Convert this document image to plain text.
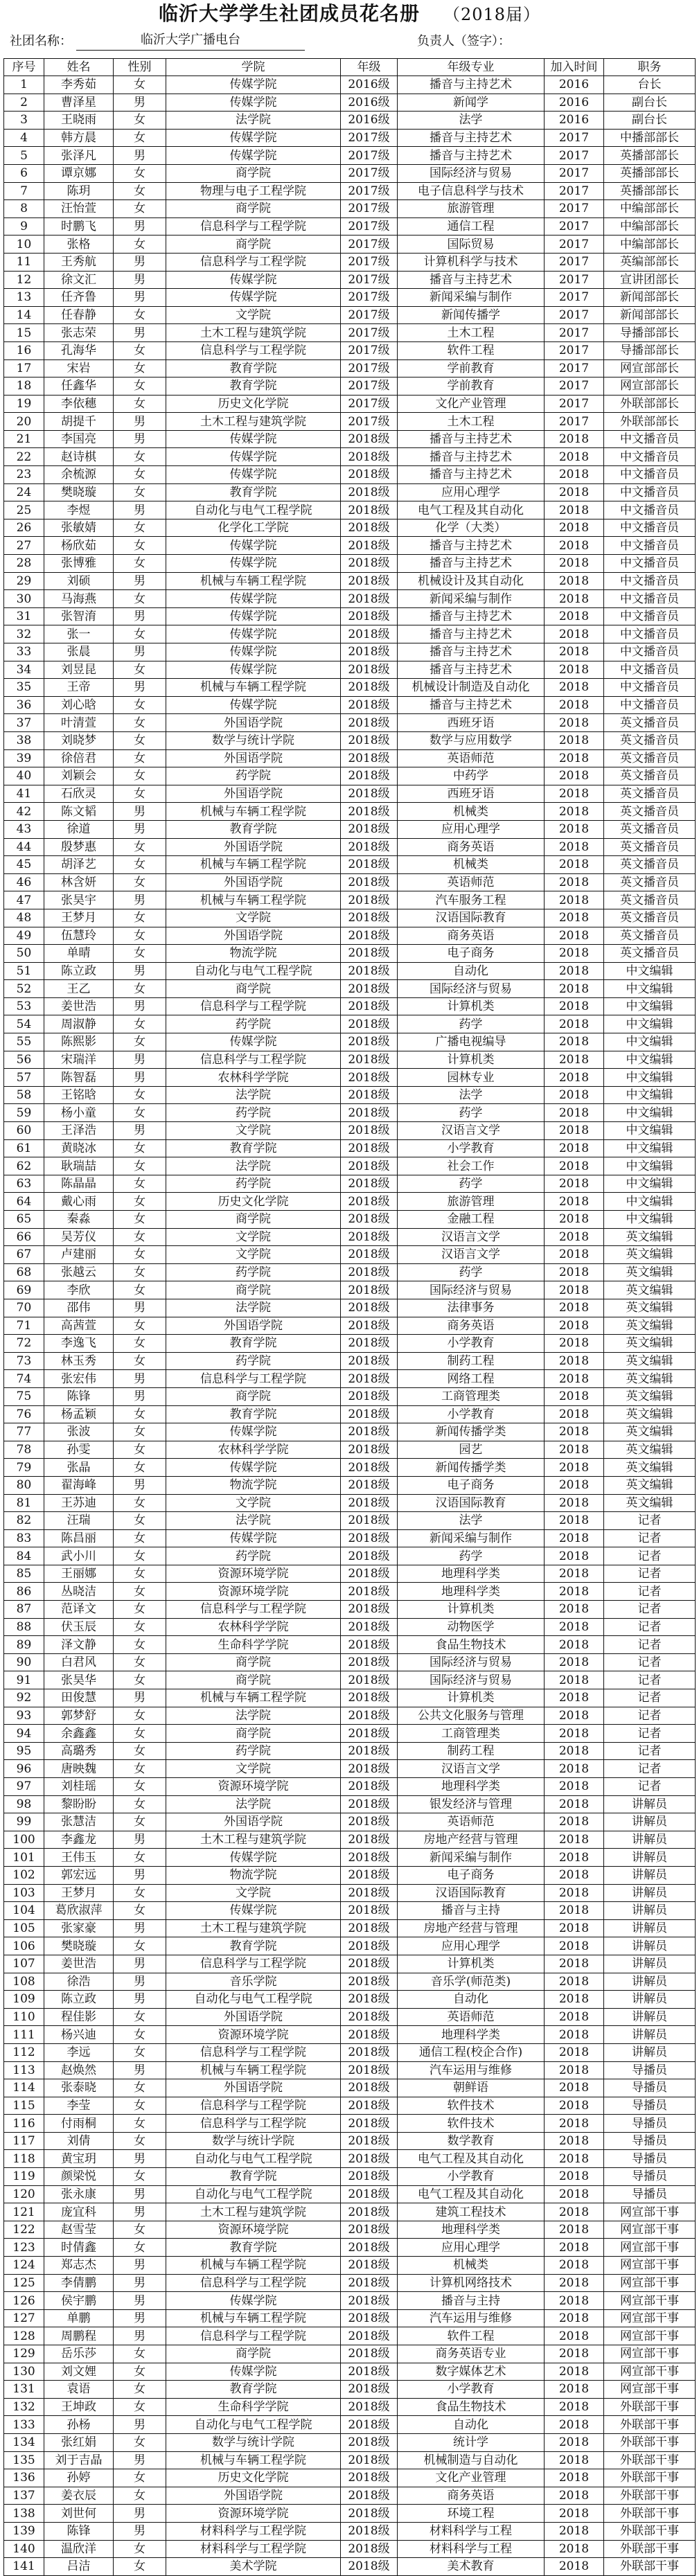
临沂大学学生社团成员花名册 （2018届）
社团名称：	临沂大学广播电台	负责人（签字）：
序号	姓名	性别	学院	年级	年级专业	加入时间	职务
1	李秀茹	女	传媒学院	2016级	播音与主持艺术	2016	台长
2	曹泽星	男	传媒学院	2016级	新闻学	2016	副台长
3	王晓雨	女	法学院	2016级	法学	2016	副台长
4	韩方晨	女	传媒学院	2017级	播音与主持艺术	2017	中播部部长
5	张泽凡	男	传媒学院	2017级	播音与主持艺术	2017	英播部部长
6	谭京娜	女	商学院	2017级	国际经济与贸易	2017	英播部部长
7	陈玥	女	物理与电子工程学院	2017级	电子信息科学与技术	2017	英播部部长
8	汪怡萱	女	商学院	2017级	旅游管理	2017	中编部部长
9	时鹏飞	男	信息科学与工程学院	2017级	通信工程	2017	中编部部长
10	张格	女	商学院	2017级	国际贸易	2017	中编部部长
11	王秀航	男	信息科学与工程学院	2017级	计算机科学与技术	2017	英编部部长
12	徐文汇	男	传媒学院	2017级	播音与主持艺术	2017	宣讲团部长
13	任齐鲁	男	传媒学院	2017级	新闻采编与制作	2017	新闻部部长
14	任春静	女	文学院	2017级	新闻传播学	2017	新闻部部长
15	张志荣	男	土木工程与建筑学院	2017级	土木工程	2017	导播部部长
16	孔海华	女	信息科学与工程学院	2017级	软件工程	2017	导播部部长
17	宋岩	女	教育学院	2017级	学前教育	2017	网宣部部长
18	任鑫华	女	教育学院	2017级	学前教育	2017	网宣部部长
19	李依穗	女	历史文化学院	2017级	文化产业管理	2017	外联部部长
20	胡提千	男	土木工程与建筑学院	2017级	土木工程	2017	外联部部长
21	李国亮	男	传媒学院	2018级	播音与主持艺术	2018	中文播音员
22	赵诗棋	女	传媒学院	2018级	播音与主持艺术	2018	中文播音员
23	余梳源	女	传媒学院	2018级	播音与主持艺术	2018	中文播音员
24	樊晓璇	女	教育学院	2018级	应用心理学	2018	中文播音员
25	李煜	男	自动化与电气工程学院	2018级	电气工程及其自动化	2018	中文播音员
26	张敏婧	女	化学化工学院	2018级	化学（大类）	2018	中文播音员
27	杨欣茹	女	传媒学院	2018级	播音与主持艺术	2018	中文播音员
28	张博雅	女	传媒学院	2018级	播音与主持艺术	2018	中文播音员
29	刘硕	男	机械与车辆工程学院	2018级	机械设计及其自动化	2018	中文播音员
30	马海燕	女	传媒学院	2018级	新闻采编与制作	2018	中文播音员
31	张智淯	男	传媒学院	2018级	播音与主持艺术	2018	中文播音员
32	张一	女	传媒学院	2018级	播音与主持艺术	2018	中文播音员
33	张晨	男	传媒学院	2018级	播音与主持艺术	2018	中文播音员
34	刘昱昆	女	传媒学院	2018级	播音与主持艺术	2018	中文播音员
35	王帝	男	机械与车辆工程学院	2018级	机械设计制造及自动化	2018	中文播音员
36	刘心晗	女	传媒学院	2018级	播音与主持艺术	2018	中文播音员
37	叶清萱	女	外国语学院	2018级	西班牙语	2018	英文播音员
38	刘晓梦	女	数学与统计学院	2018级	数学与应用数学	2018	英文播音员
39	徐倍君	女	外国语学院	2018级	英语师范	2018	英文播音员
40	刘颖会	女	药学院	2018级	中药学	2018	英文播音员
41	石欣灵	女	外国语学院	2018级	西班牙语	2018	英文播音员
42	陈文韬	男	机械与车辆工程学院	2018级	机械类	2018	英文播音员
43	徐道	男	教育学院	2018级	应用心理学	2018	英文播音员
44	殷梦惠	女	外国语学院	2018级	商务英语	2018	英文播音员
45	胡泽艺	女	机械与车辆工程学院	2018级	机械类	2018	英文播音员
46	林含妍	女	外国语学院	2018级	英语师范	2018	英文播音员
47	张昊宇	男	机械与车辆工程学院	2018级	汽车服务工程	2018	英文播音员
48	王梦月	女	文学院	2018级	汉语国际教育	2018	英文播音员
49	伍慧玲	女	外国语学院	2018级	商务英语	2018	英文播音员
50	单晴	女	物流学院	2018级	电子商务	2018	英文播音员
51	陈立政	男	自动化与电气工程学院	2018级	自动化	2018	中文编辑
52	王乙	女	商学院	2018级	国际经济与贸易	2018	中文编辑
53	姜世浩	男	信息科学与工程学院	2018级	计算机类	2018	中文编辑
54	周淑静	女	药学院	2018级	药学	2018	中文编辑
55	陈熙影	女	传媒学院	2018级	广播电视编导	2018	中文编辑
56	宋瑞洋	男	信息科学与工程学院	2018级	计算机类	2018	中文编辑
57	陈智磊	男	农林科学学院	2018级	园林专业	2018	中文编辑
58	王铭晗	女	法学院	2018级	法学	2018	中文编辑
59	杨小童	女	药学院	2018级	药学	2018	中文编辑
60	王泽浩	男	文学院	2018级	汉语言文学	2018	中文编辑
61	黄晓冰	女	教育学院	2018级	小学教育	2018	中文编辑
62	耿瑞喆	女	法学院	2018级	社会工作	2018	中文编辑
63	陈晶晶	女	药学院	2018级	药学	2018	中文编辑
64	戴心雨	女	历史文化学院	2018级	旅游管理	2018	中文编辑
65	秦淼	女	商学院	2018级	金融工程	2018	中文编辑
66	吴芳仪	女	文学院	2018级	汉语言文学	2018	英文编辑
67	卢建丽	女	文学院	2018级	汉语言文学	2018	英文编辑
68	张越云	女	药学院	2018级	药学	2018	英文编辑
69	李欣	女	商学院	2018级	国际经济与贸易	2018	英文编辑
70	邵伟	男	法学院	2018级	法律事务	2018	英文编辑
71	高茜萱	女	外国语学院	2018级	商务英语	2018	英文编辑
72	李逸飞	女	教育学院	2018级	小学教育	2018	英文编辑
73	林玉秀	女	药学院	2018级	制药工程	2018	英文编辑
74	张宏伟	男	信息科学与工程学院	2018级	网络工程	2018	英文编辑
75	陈锋	男	商学院	2018级	工商管理类	2018	英文编辑
76	杨孟颖	女	教育学院	2018级	小学教育	2018	英文编辑
77	张波	女	传媒学院	2018级	新闻传播学类	2018	英文编辑
78	孙雯	女	农林科学学院	2018级	园艺	2018	英文编辑
79	张晶	女	传媒学院	2018级	新闻传播学类	2018	英文编辑
80	翟海峰	男	物流学院	2018级	电子商务	2018	英文编辑
81	王苏迪	女	文学院	2018级	汉语国际教育	2018	英文编辑
82	汪瑞	女	法学院	2018级	法学	2018	记者
83	陈昌丽	女	传媒学院	2018级	新闻采编与制作	2018	记者
84	武小川	女	药学院	2018级	药学	2018	记者
85	王丽娜	女	资源环境学院	2018级	地理科学类	2018	记者
86	丛晓洁	女	资源环境学院	2018级	地理科学类	2018	记者
87	范译文	女	信息科学与工程学院	2018级	计算机类	2018	记者
88	伏玉辰	女	农林科学学院	2018级	动物医学	2018	记者
89	泽文静	女	生命科学学院	2018级	食品生物技术	2018	记者
90	白君风	女	商学院	2018级	国际经济与贸易	2018	记者
91	张昊华	女	商学院	2018级	国际经济与贸易	2018	记者
92	田俊慧	男	机械与车辆工程学院	2018级	计算机类	2018	记者
93	郭梦舒	女	法学院	2018级	公共文化服务与管理	2018	记者
94	余鑫鑫	女	商学院	2018级	工商管理类	2018	记者
95	高璐秀	女	药学院	2018级	制药工程	2018	记者
96	唐映魏	女	文学院	2018级	汉语言文学	2018	记者
97	刘桂瑶	女	资源环境学院	2018级	地理科学类	2018	记者
98	黎盼盼	女	法学院	2018级	银发经济与管理	2018	讲解员
99	张慧洁	女	外国语学院	2018级	英语师范	2018	讲解员
100	李鑫龙	男	土木工程与建筑学院	2018级	房地产经营与管理	2018	讲解员
101	王伟玉	女	传媒学院	2018级	新闻采编与制作	2018	讲解员
102	郭宏远	男	物流学院	2018级	电子商务	2018	讲解员
103	王梦月	女	文学院	2018级	汉语国际教育	2018	讲解员
104	葛欣淑萍	女	传媒学院	2018级	播音与主持	2018	讲解员
105	张家豪	男	土木工程与建筑学院	2018级	房地产经营与管理	2018	讲解员
106	樊晓璇	女	教育学院	2018级	应用心理学	2018	讲解员
107	姜世浩	男	信息科学与工程学院	2018级	计算机类	2018	讲解员
108	徐浩	男	音乐学院	2018级	音乐学(师范类)	2018	讲解员
109	陈立政	男	自动化与电气工程学院	2018级	自动化	2018	讲解员
110	程佳影	女	外国语学院	2018级	英语师范	2018	讲解员
111	杨兴迪	女	资源环境学院	2018级	地理科学类	2018	讲解员
112	李远	女	信息科学与工程学院	2018级	通信工程(校企合作)	2018	讲解员
113	赵焕然	男	机械与车辆工程学院	2018级	汽车运用与维修	2018	导播员
114	张泰晓	女	外国语学院	2018级	朝鲜语	2018	导播员
115	李莹	女	信息科学与工程学院	2018级	软件技术	2018	导播员
116	付雨桐	女	信息科学与工程学院	2018级	软件技术	2018	导播员
117	刘倩	女	数学与统计学院	2018级	数学教育	2018	导播员
118	黄宝玥	男	自动化与电气工程学院	2018级	电气工程及其自动化	2018	导播员
119	颜梁悦	女	教育学院	2018级	小学教育	2018	导播员
120	张永康	男	自动化与电气工程学院	2018级	电气工程及其自动化	2018	导播员
121	庞宜科	男	土木工程与建筑学院	2018级	建筑工程技术	2018	网宣部干事
122	赵雪莹	女	资源环境学院	2018级	地理科学类	2018	网宣部干事
123	时倩鑫	女	教育学院	2018级	应用心理学	2018	网宣部干事
124	郑志杰	男	机械与车辆工程学院	2018级	机械类	2018	网宣部干事
125	李倩鹏	男	信息科学与工程学院	2018级	计算机网络技术	2018	网宣部干事
126	侯宇鹏	男	传媒学院	2018级	播音与主持	2018	网宣部干事
127	单鹏	男	机械与车辆工程学院	2018级	汽车运用与维修	2018	网宣部干事
128	周鹏程	男	信息科学与工程学院	2018级	软件工程	2018	网宣部干事
129	岳乐莎	女	商学院	2018级	商务英语专业	2018	网宣部干事
130	刘文娌	女	传媒学院	2018级	数字媒体艺术	2018	网宣部干事
131	袁语	女	教育学院	2018级	小学教育	2018	网宣部干事
132	王坤政	女	生命科学学院	2018级	食品生物技术	2018	外联部干事
133	孙杨	男	自动化与电气工程学院	2018级	自动化	2018	外联部干事
134	张红娟	女	数学与统计学院	2018级	统计学	2018	外联部干事
135	刘于吉晶	男	机械与车辆工程学院	2018级	机械制造与自动化	2018	外联部干事
136	孙婷	女	历史文化学院	2018级	文化产业管理	2018	外联部干事
137	姜衣辰	女	外国语学院	2018级	商务英语	2018	外联部干事
138	刘世何	男	资源环境学院	2018级	环境工程	2018	外联部干事
139	陈锋	男	材料科学与工程学院	2018级	材料科学与工程	2018	外联部干事
140	温欣洋	女	材料科学与工程学院	2018级	材料科学与工程	2018	外联部干事
141	吕洁	女	美术学院	2018级	美术教育	2018	外联部干事
